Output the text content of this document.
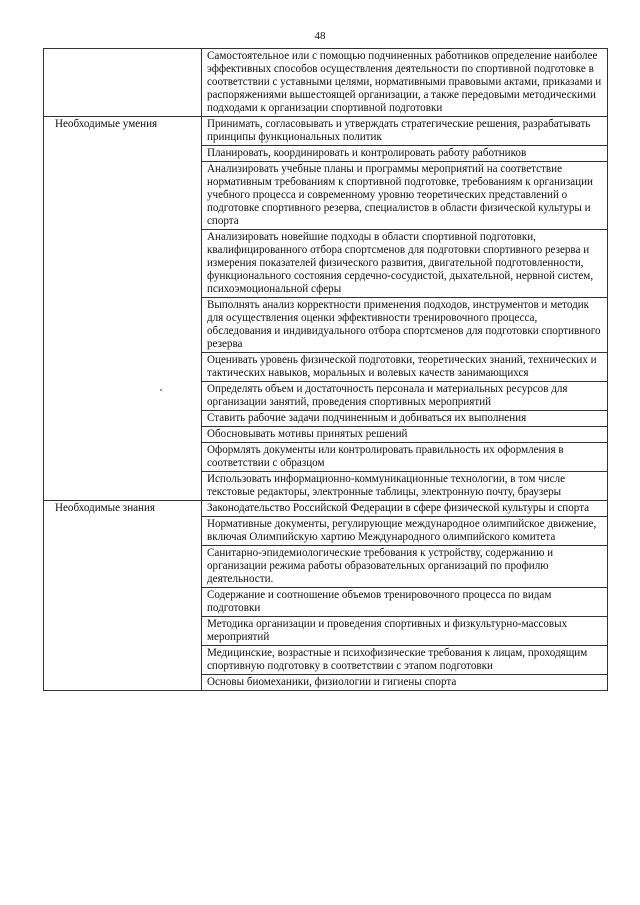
48
	Самостоятельное или с помощью подчиненных работников определение наиболее эффективных способов осуществления деятельности по спортивной подготовке в соответствии с уставными целями, нормативными правовыми актами, приказами и распоряжениями вышестоящей организации, а также передовыми методическими подходами к организации спортивной подготовки

Необходимые умения	Принимать, согласовывать и утверждать стратегические решения, разрабатывать принципы функциональных политик
	Планировать, координировать и контролировать работу работников
	Анализировать учебные планы и программы мероприятий на соответствие нормативным требованиям к спортивной подготовке, требованиям к организации учебного процесса и современному уровню теоретических представлений о подготовке спортивного резерва, специалистов в области физической культуры и спорта
	Анализировать новейшие подходы в области спортивной подготовки, квалифицированного отбора спортсменов для подготовки спортивного резерва и измерения показателей физического развития, двигательной подготовленности, функционального состояния сердечно-сосудистой, дыхательной, нервной систем, психоэмоциональной сферы
	Выполнять анализ корректности применения подходов, инструментов и методик для осуществления оценки эффективности тренировочного процесса, обследования и индивидуального отбора спортсменов для подготовки спортивного резерва
	Оценивать уровень физической подготовки, теоретических знаний, технических и тактических навыков, моральных и волевых качеств занимающихся
	Определять объем и достаточность персонала и материальных ресурсов для организации занятий, проведения спортивных мероприятий
	Ставить рабочие задачи подчиненным и добиваться их выполнения
	Обосновывать мотивы принятых решений
	Оформлять документы или контролировать правильность их оформления в соответствии с образцом
	Использовать информационно-коммуникационные технологии, в том числе текстовые редакторы, электронные таблицы, электронную почту, браузеры

Необходимые знания	Законодательство Российской Федерации в сфере физической культуры и спорта
	Нормативные документы, регулирующие международное олимпийское движение, включая Олимпийскую хартию Международного олимпийского комитета
	Санитарно-эпидемиологические требования к устройству, содержанию и организации режима работы образовательных организаций по профилю деятельности.
	Содержание и соотношение объемов тренировочного процесса по видам подготовки
	Методика организации и проведения спортивных и физкультурно-массовых мероприятий
	Медицинские, возрастные и психофизические требования к лицам, проходящим спортивную подготовку в соответствии с этапом подготовки
	Основы биомеханики, физиологии и гигиены спорта
